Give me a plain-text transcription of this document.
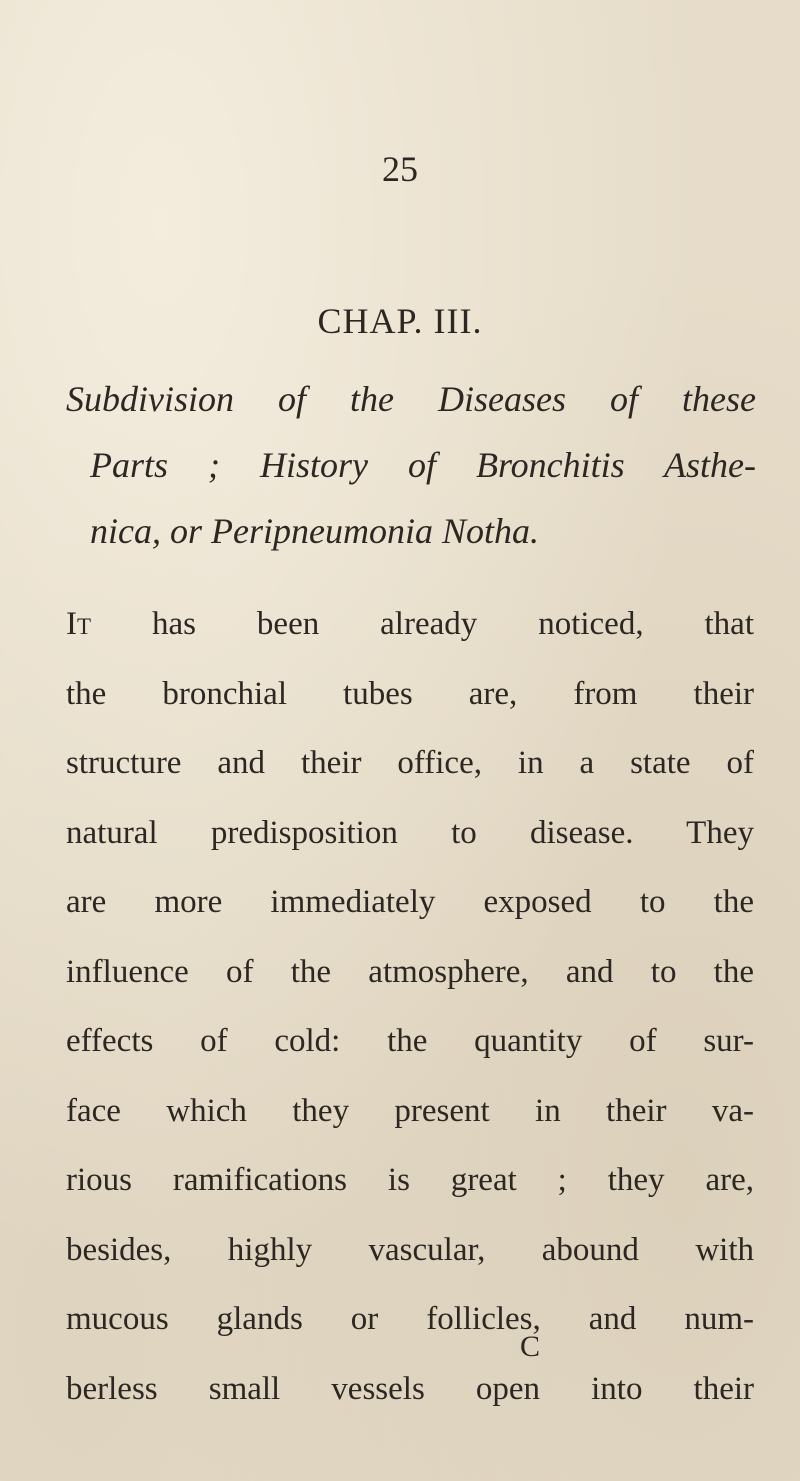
25
CHAP. III.
Subdivision of the Diseases of these
Parts ; History of Bronchitis Asthe-
nica, or Peripneumonia Notha.
It has been already noticed, that
the bronchial tubes are, from their
structure and their office, in a state of
natural predisposition to disease. They
are more immediately exposed to the
influence of the atmosphere, and to the
effects of cold: the quantity of sur-
face which they present in their va-
rious ramifications is great ; they are,
besides, highly vascular, abound with
mucous glands or follicles, and num-
berless small vessels open into their
C
